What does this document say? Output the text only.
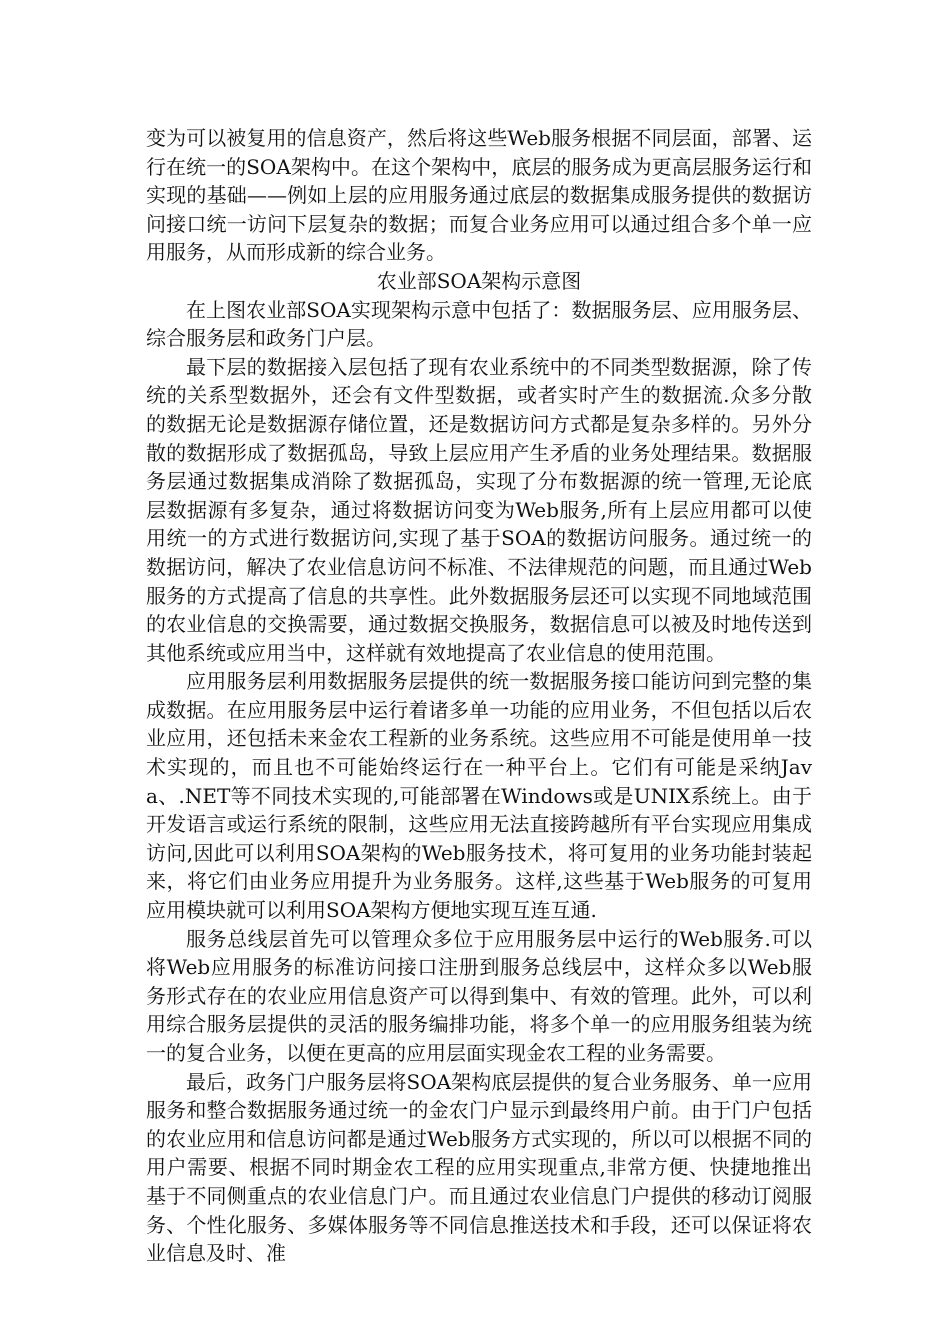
变为可以被复用的信息资产，然后将这些Web服务根据不同层面，部署、运行在统一的SOA架构中。在这个架构中，底层的服务成为更高层服务运行和实现的基础——例如上层的应用服务通过底层的数据集成服务提供的数据访问接口统一访问下层复杂的数据；而复合业务应用可以通过组合多个单一应用服务，从而形成新的综合业务。

农业部SOA架构示意图

在上图农业部SOA实现架构示意中包括了：数据服务层、应用服务层、综合服务层和政务门户层。

最下层的数据接入层包括了现有农业系统中的不同类型数据源，除了传统的关系型数据外，还会有文件型数据，或者实时产生的数据流.众多分散的数据无论是数据源存储位置，还是数据访问方式都是复杂多样的。另外分散的数据形成了数据孤岛，导致上层应用产生矛盾的业务处理结果。数据服务层通过数据集成消除了数据孤岛，实现了分布数据源的统一管理,无论底层数据源有多复杂，通过将数据访问变为Web服务,所有上层应用都可以使用统一的方式进行数据访问,实现了基于SOA的数据访问服务。通过统一的数据访问，解决了农业信息访问不标准、不法律规范的问题，而且通过Web服务的方式提高了信息的共享性。此外数据服务层还可以实现不同地域范围的农业信息的交换需要，通过数据交换服务，数据信息可以被及时地传送到其他系统或应用当中，这样就有效地提高了农业信息的使用范围。

应用服务层利用数据服务层提供的统一数据服务接口能访问到完整的集成数据。在应用服务层中运行着诸多单一功能的应用业务，不但包括以后农业应用，还包括未来金农工程新的业务系统。这些应用不可能是使用单一技术实现的，而且也不可能始终运行在一种平台上。它们有可能是采纳Java、.NET等不同技术实现的,可能部署在Windows或是UNIX系统上。由于开发语言或运行系统的限制，这些应用无法直接跨越所有平台实现应用集成访问,因此可以利用SOA架构的Web服务技术，将可复用的业务功能封装起来，将它们由业务应用提升为业务服务。这样,这些基于Web服务的可复用应用模块就可以利用SOA架构方便地实现互连互通.

服务总线层首先可以管理众多位于应用服务层中运行的Web服务.可以将Web应用服务的标准访问接口注册到服务总线层中，这样众多以Web服务形式存在的农业应用信息资产可以得到集中、有效的管理。此外，可以利用综合服务层提供的灵活的服务编排功能，将多个单一的应用服务组装为统一的复合业务，以便在更高的应用层面实现金农工程的业务需要。

最后，政务门户服务层将SOA架构底层提供的复合业务服务、单一应用服务和整合数据服务通过统一的金农门户显示到最终用户前。由于门户包括的农业应用和信息访问都是通过Web服务方式实现的，所以可以根据不同的用户需要、根据不同时期金农工程的应用实现重点,非常方便、快捷地推出基于不同侧重点的农业信息门户。而且通过农业信息门户提供的移动订阅服务、个性化服务、多媒体服务等不同信息推送技术和手段，还可以保证将农业信息及时、准
